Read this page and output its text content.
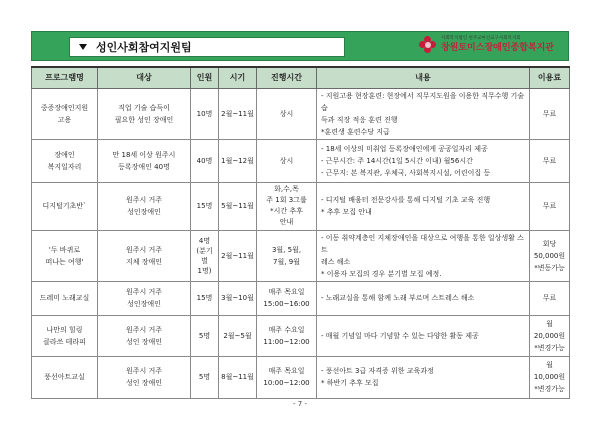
성인사회참여지원팀
사회복지법인 천주교마산교구사회복지회
창원토미스장애인종합복지관
프로그램명	대상	인원	시기	진행시간	내용	이용료
중증장애인지원
고용	직업 기술 습득이
필요한 성인 장애인	10명	2월~11월	상시	- 지원고용 현장훈련: 현장에서 직무지도원을 이용한 직무수행 기술 습
득과 직장 적응 훈련 진행
*훈련생 훈련수당 지급	무료
장애인
복지일자리	만 18세 이상 원주시
등록장애인 40명	40명	1월~12월	상시	- 18세 이상의 미취업 등록장애인에게 공공일자리 제공
- 근무시간: 주 14시간(1일 5시간 이내) 월56시간
- 근무지: 본 복지관, 우체국, 사회복지시설, 어린이집 등	무료
디지털기초반`	원주시 거주
성인장애인	15명	5월~11월	화,수,목
주 1회 3그룹
*시간 추후
안내	- 디지털 배움터 전문강사를 통해 디지털 기초 교육 진행
* 추후 모집 안내	무료
'두 바퀴로
떠나는 여행'	원주시 거주
지체 장애인	4명
(분기별
1명)	2월~11월	3월, 5월,
7월, 9월	- 이동 취약계층인 지체장애인을 대상으로 여행을 통한 일상생활 스트
레스 해소
* 이용자 모집의 경우 분기별 모집 예정.	회당
50,000원
*변동가능
드레미 노래교실	원주시 거주
성인장애인	15명	3월~10월	매주 목요일
15:00~16:00	- 노래교실을 통해 함께 노래 부르며 스트레스 해소	무료
나만의 힐링
클라쓰 테라피	원주시 거주
성인 장애인	5명	2월~5월	매주 수요일
11:00~12:00	- 매월 기념일 마다 기념할 수 있는 다양한 활동 제공	월
20,000원
*변경가능
풍선아트교실	원주시 거주
성인 장애인	5명	8월~11월	매주 목요일
10:00~12:00	- 풍선아트 3급 자격증 위한 교육과정
* 하반기 추후 모집	월
10,000원
*변경가능
- 7 -
